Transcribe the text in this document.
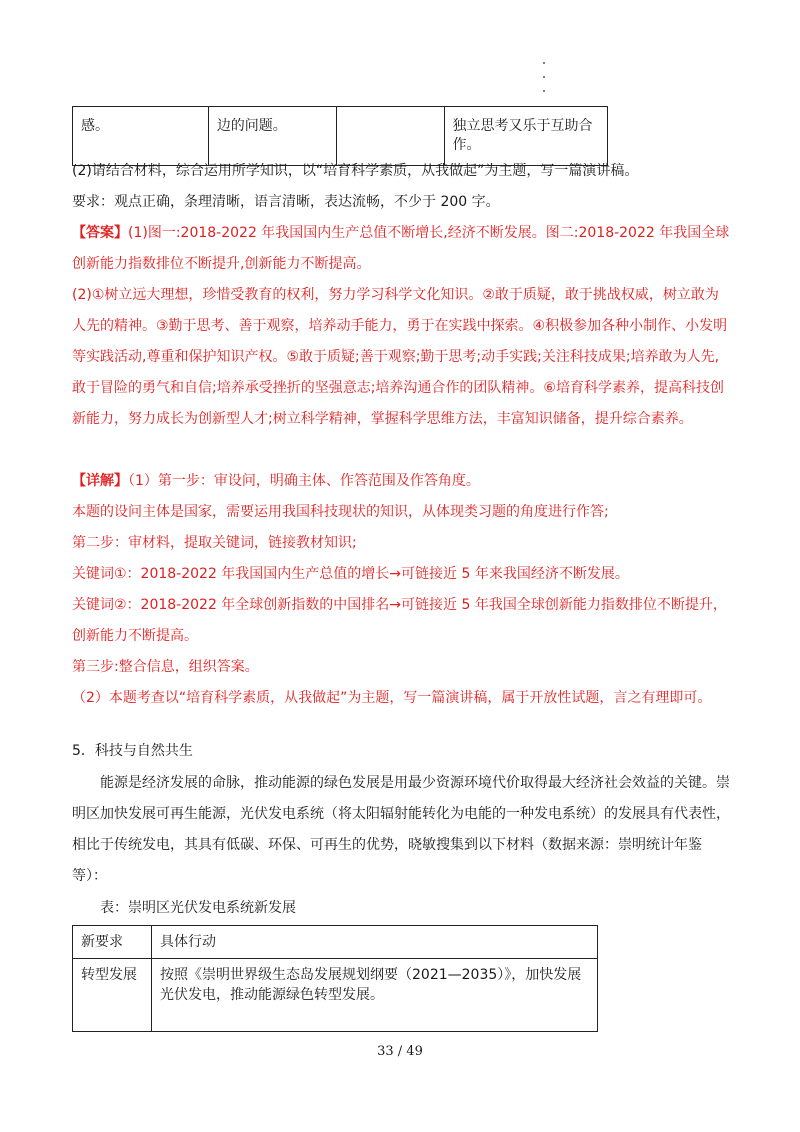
感。	边的问题。		独立思考又乐于互助合作。
(2)请结合材料，综合运用所学知识，以“培育科学素质，从我做起”为主题，写一篇演讲稿。
要求：观点正确，条理清晰，语言清晰，表达流畅，不少于 200 字。
【答案】(1)图一:2018-2022 年我国国内生产总值不断增长,经济不断发展。图二:2018-2022 年我国全球创新能力指数排位不断提升,创新能力不断提高。
(2)①树立远大理想，珍惜受教育的权利，努力学习科学文化知识。②敢于质疑，敢于挑战权威，树立敢为人先的精神。③勤于思考、善于观察，培养动手能力，勇于在实践中探索。④积极参加各种小制作、小发明等实践活动,尊重和保护知识产权。⑤敢于质疑;善于观察;勤于思考;动手实践;关注科技成果;培养敢为人先,敢于冒险的勇气和自信;培养承受挫折的坚强意志;培养沟通合作的团队精神。⑥培育科学素养，提高科技创新能力，努力成长为创新型人才;树立科学精神，掌握科学思维方法，丰富知识储备，提升综合素养。
【详解】（1）第一步：审设问，明确主体、作答范围及作答角度。
本题的设问主体是国家，需要运用我国科技现状的知识，从体现类习题的角度进行作答;
第二步：审材料，提取关键词，链接教材知识;
关键词①：2018-2022 年我国国内生产总值的增长→可链接近 5 年来我国经济不断发展。
关键词②：2018-2022 年全球创新指数的中国排名→可链接近 5 年我国全球创新能力指数排位不断提升，创新能力不断提高。
第三步:整合信息，组织答案。
（2）本题考查以“培育科学素质，从我做起”为主题，写一篇演讲稿，属于开放性试题，言之有理即可。
5．科技与自然共生
能源是经济发展的命脉，推动能源的绿色发展是用最少资源环境代价取得最大经济社会效益的关键。崇明区加快发展可再生能源，光伏发电系统（将太阳辐射能转化为电能的一种发电系统）的发展具有代表性，相比于传统发电，其具有低碳、环保、可再生的优势，晓敏搜集到以下材料（数据来源：崇明统计年鉴等）：
表：崇明区光伏发电系统新发展
新要求	具体行动
转型发展	按照《崇明世界级生态岛发展规划纲要（2021—2035）》，加快发展光伏发电，推动能源绿色转型发展。
33 / 49
